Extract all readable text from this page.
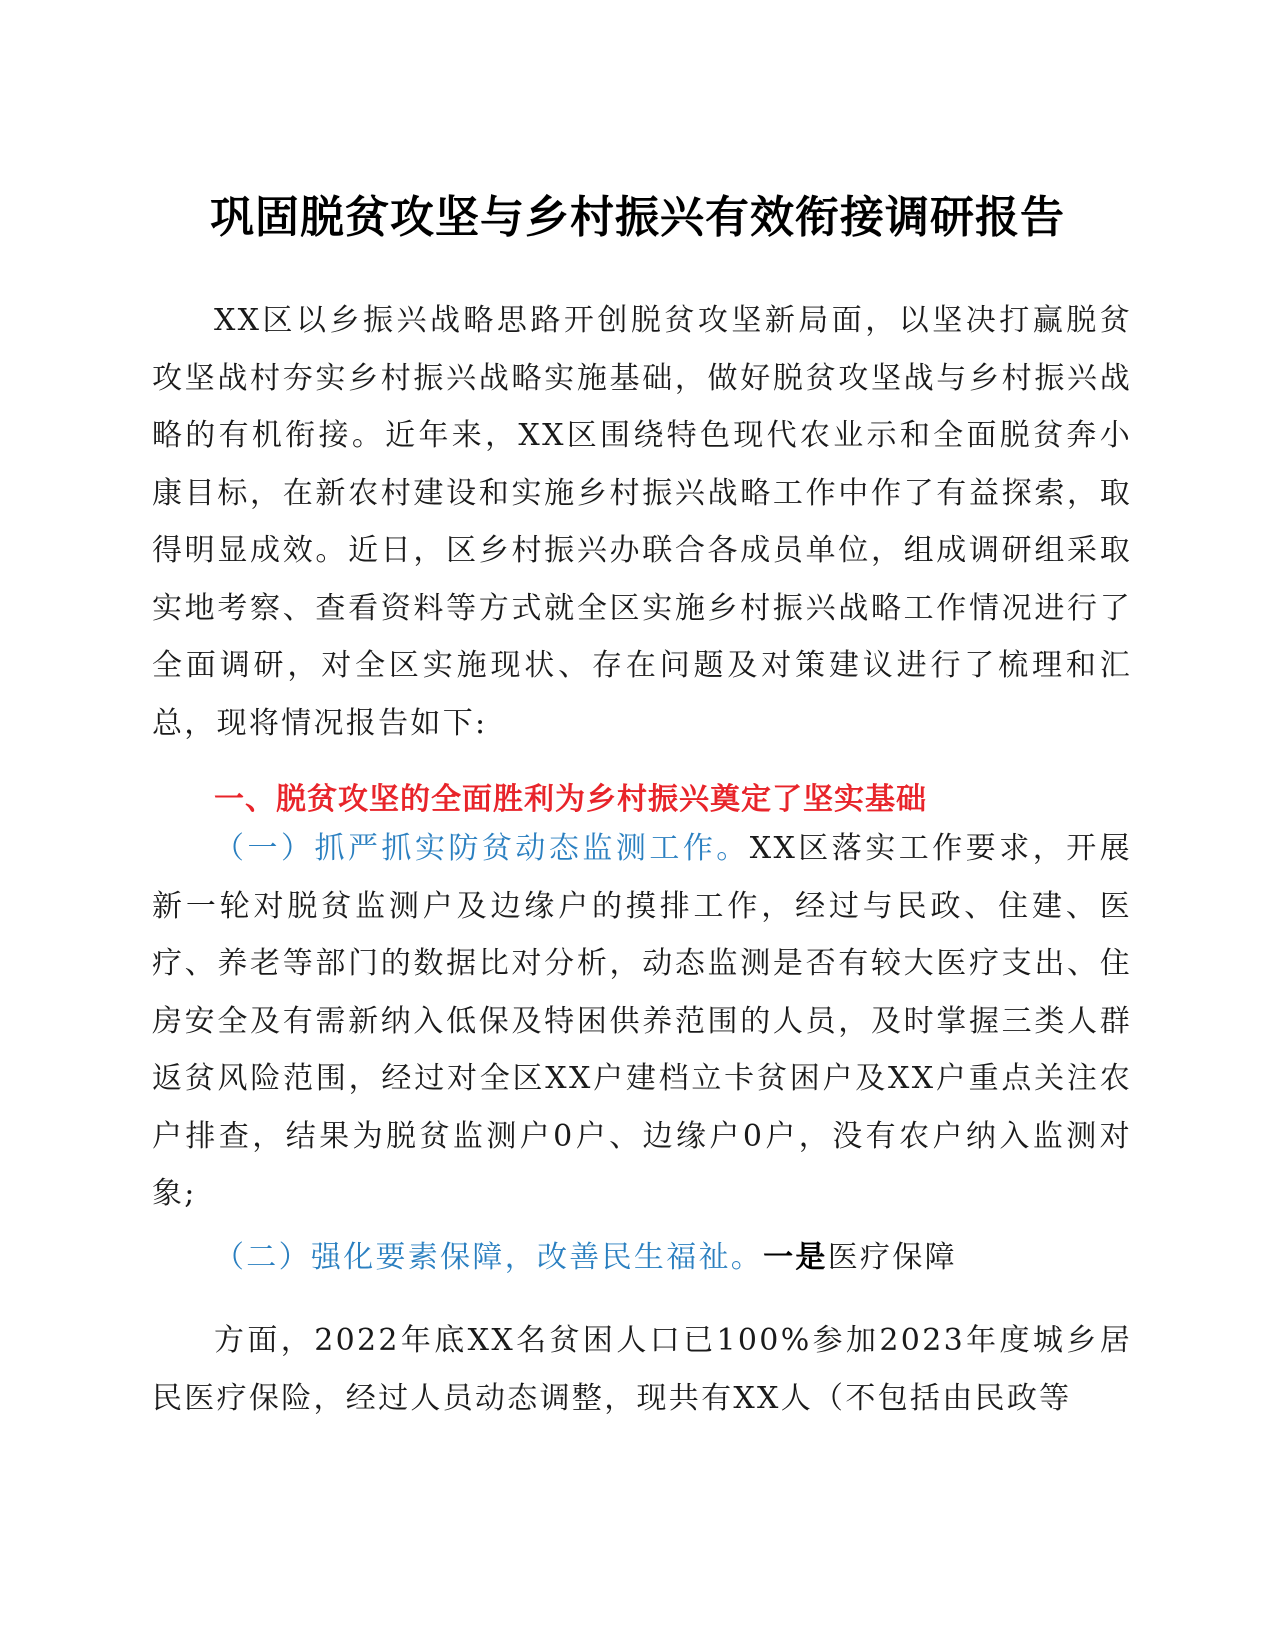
巩固脱贫攻坚与乡村振兴有效衔接调研报告

XX区以乡振兴战略思路开创脱贫攻坚新局面，以坚决打赢脱贫攻坚战村夯实乡村振兴战略实施基础，做好脱贫攻坚战与乡村振兴战略的有机衔接。近年来，XX区围绕特色现代农业示和全面脱贫奔小康目标，在新农村建设和实施乡村振兴战略工作中作了有益探索，取得明显成效。近日，区乡村振兴办联合各成员单位，组成调研组采取实地考察、查看资料等方式就全区实施乡村振兴战略工作情况进行了全面调研，对全区实施现状、存在问题及对策建议进行了梳理和汇总，现将情况报告如下:

一、脱贫攻坚的全面胜利为乡村振兴奠定了坚实基础

（一）抓严抓实防贫动态监测工作。XX区落实工作要求，开展新一轮对脱贫监测户及边缘户的摸排工作，经过与民政、住建、医疗、养老等部门的数据比对分析，动态监测是否有较大医疗支出、住房安全及有需新纳入低保及特困供养范围的人员，及时掌握三类人群返贫风险范围，经过对全区XX户建档立卡贫困户及XX户重点关注农户排查，结果为脱贫监测户0户、边缘户0户，没有农户纳入监测对象;

（二）强化要素保障，改善民生福祉。一是医疗保障

方面，2022年底XX名贫困人口已100%参加2023年度城乡居民医疗保险，经过人员动态调整，现共有XX人（不包括由民政等
